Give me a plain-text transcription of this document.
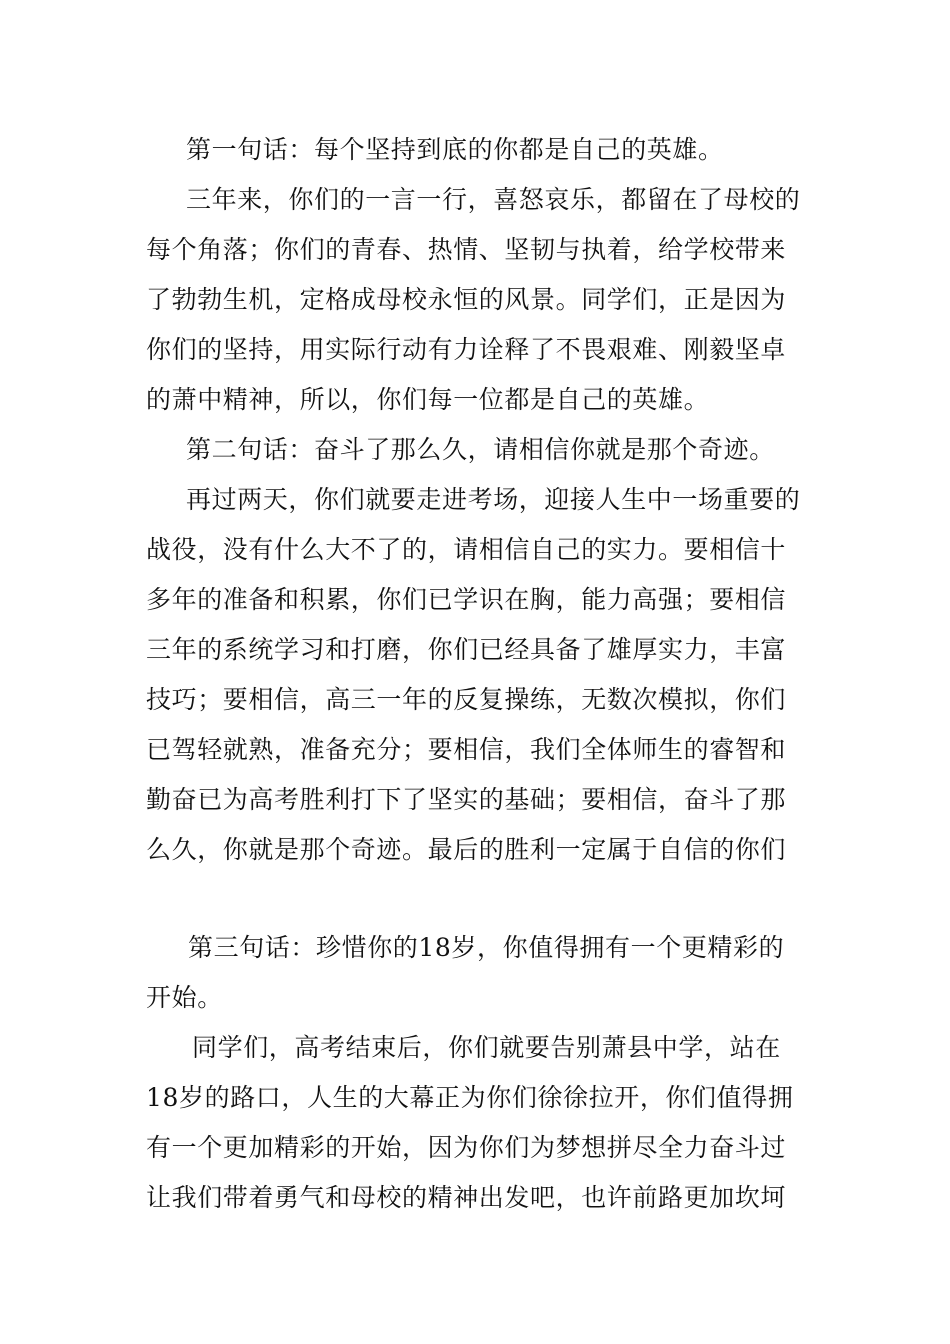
第一句话：每个坚持到底的你都是自己的英雄。
三年来，你们的一言一行，喜怒哀乐，都留在了母校的
每个角落；你们的青春、热情、坚韧与执着，给学校带来
了勃勃生机，定格成母校永恒的风景。同学们，正是因为
你们的坚持，用实际行动有力诠释了不畏艰难、刚毅坚卓
的萧中精神，所以，你们每一位都是自己的英雄。
第二句话：奋斗了那么久，请相信你就是那个奇迹。
再过两天，你们就要走进考场，迎接人生中一场重要的
战役，没有什么大不了的，请相信自己的实力。要相信十
多年的准备和积累，你们已学识在胸，能力高强；要相信
三年的系统学习和打磨，你们已经具备了雄厚实力，丰富
技巧；要相信，高三一年的反复操练，无数次模拟，你们
已驾轻就熟，准备充分；要相信，我们全体师生的睿智和
勤奋已为高考胜利打下了坚实的基础；要相信，奋斗了那
么久，你就是那个奇迹。最后的胜利一定属于自信的你们
第三句话：珍惜你的18岁，你值得拥有一个更精彩的
开始。
同学们，高考结束后，你们就要告别萧县中学，站在
18岁的路口，人生的大幕正为你们徐徐拉开，你们值得拥
有一个更加精彩的开始，因为你们为梦想拼尽全力奋斗过
让我们带着勇气和母校的精神出发吧，也许前路更加坎坷
